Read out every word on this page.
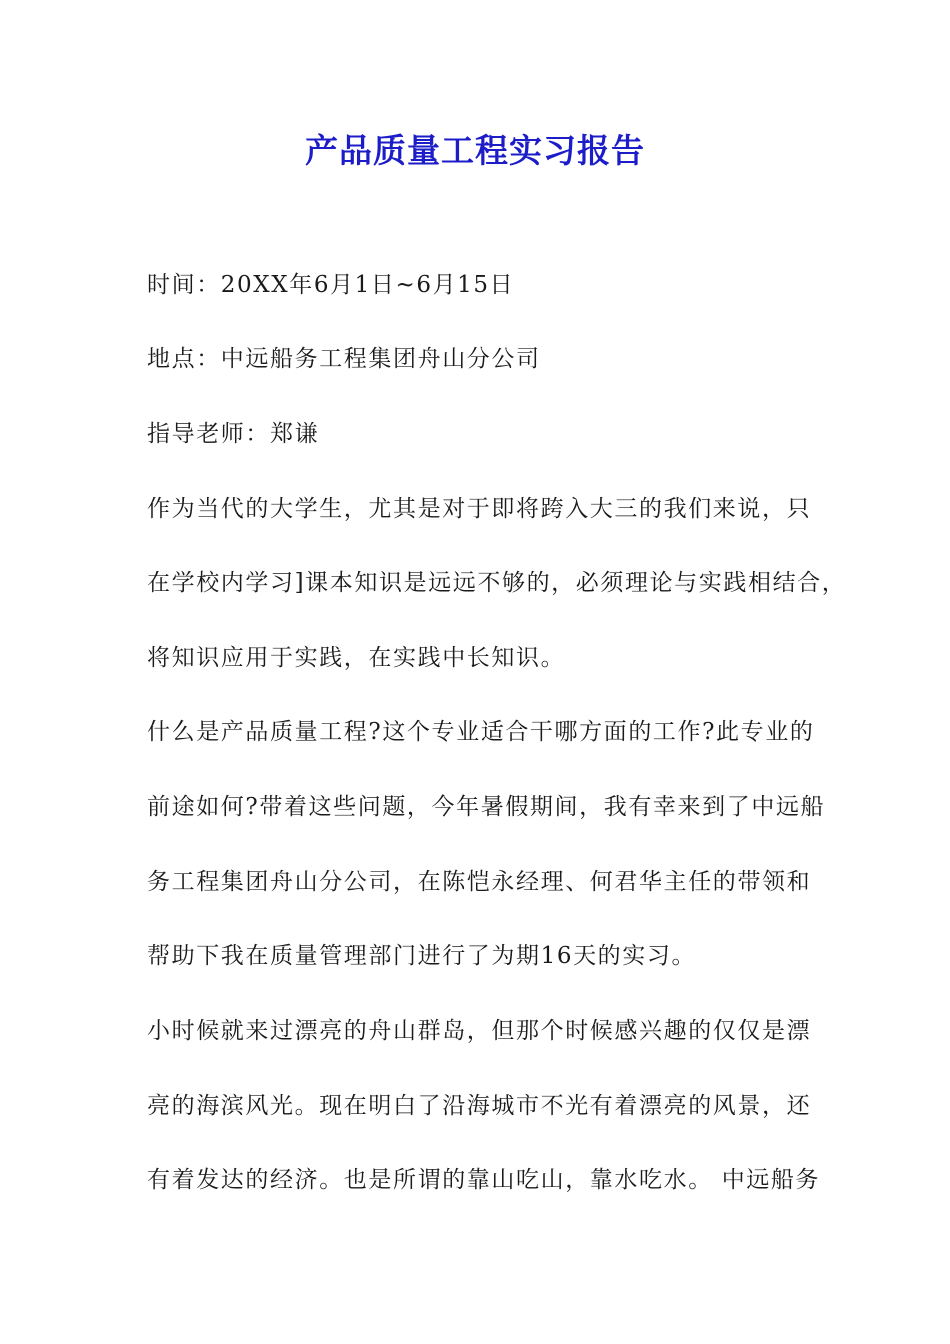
产品质量工程实习报告
时间：20XX年6月1日~6月15日
地点：中远船务工程集团舟山分公司
指导老师：郑谦
作为当代的大学生，尤其是对于即将跨入大三的我们来说，只
在学校内学习]课本知识是远远不够的，必须理论与实践相结合，
将知识应用于实践，在实践中长知识。
什么是产品质量工程?这个专业适合干哪方面的工作?此专业的
前途如何?带着这些问题，今年暑假期间，我有幸来到了中远船
务工程集团舟山分公司，在陈恺永经理、何君华主任的带领和
帮助下我在质量管理部门进行了为期16天的实习。
小时候就来过漂亮的舟山群岛，但那个时候感兴趣的仅仅是漂
亮的海滨风光。现在明白了沿海城市不光有着漂亮的风景，还
有着发达的经济。也是所谓的靠山吃山，靠水吃水。 中远船务
